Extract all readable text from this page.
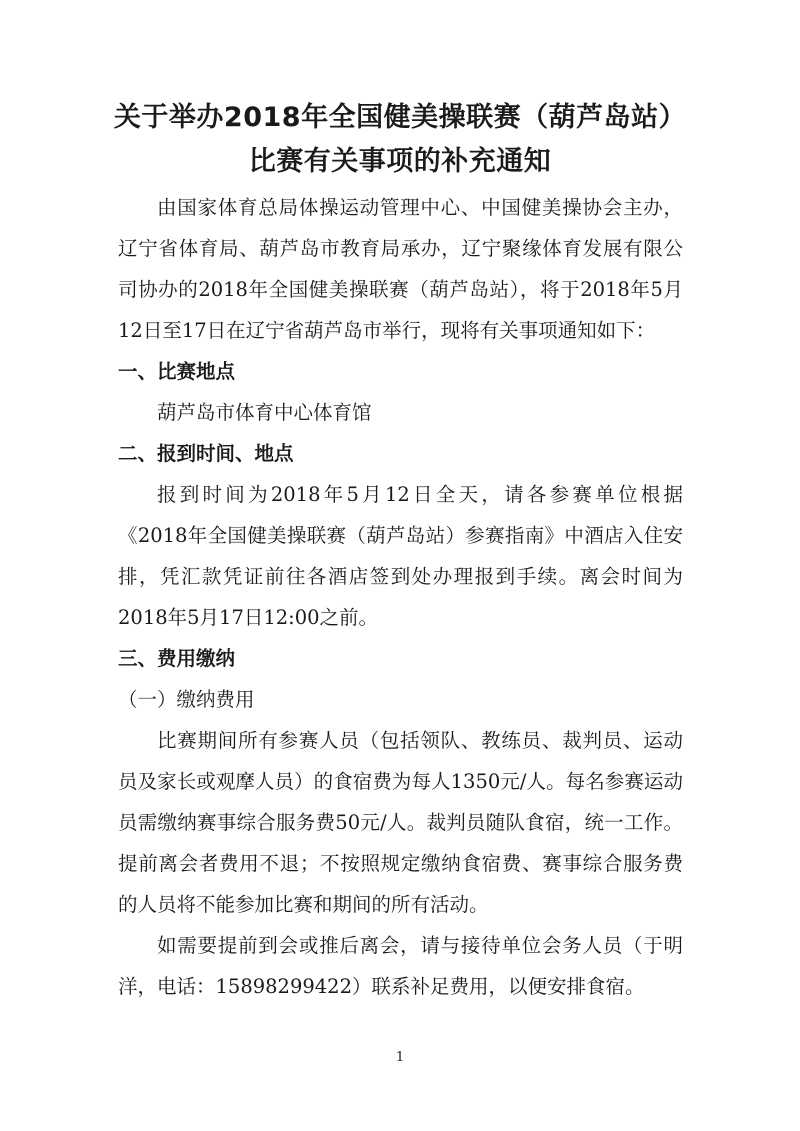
关于举办2018年全国健美操联赛（葫芦岛站）
比赛有关事项的补充通知

由国家体育总局体操运动管理中心、中国健美操协会主办，辽宁省体育局、葫芦岛市教育局承办，辽宁聚缘体育发展有限公司协办的2018年全国健美操联赛（葫芦岛站），将于2018年5月12日至17日在辽宁省葫芦岛市举行，现将有关事项通知如下：

一、比赛地点

葫芦岛市体育中心体育馆

二、报到时间、地点

报到时间为2018年5月12日全天，请各参赛单位根据《2018年全国健美操联赛（葫芦岛站）参赛指南》中酒店入住安排，凭汇款凭证前往各酒店签到处办理报到手续。离会时间为2018年5月17日12:00之前。

三、费用缴纳

（一）缴纳费用

比赛期间所有参赛人员（包括领队、教练员、裁判员、运动员及家长或观摩人员）的食宿费为每人1350元/人。每名参赛运动员需缴纳赛事综合服务费50元/人。裁判员随队食宿，统一工作。提前离会者费用不退；不按照规定缴纳食宿费、赛事综合服务费的人员将不能参加比赛和期间的所有活动。

如需要提前到会或推后离会，请与接待单位会务人员（于明洋，电话：15898299422）联系补足费用，以便安排食宿。

1
